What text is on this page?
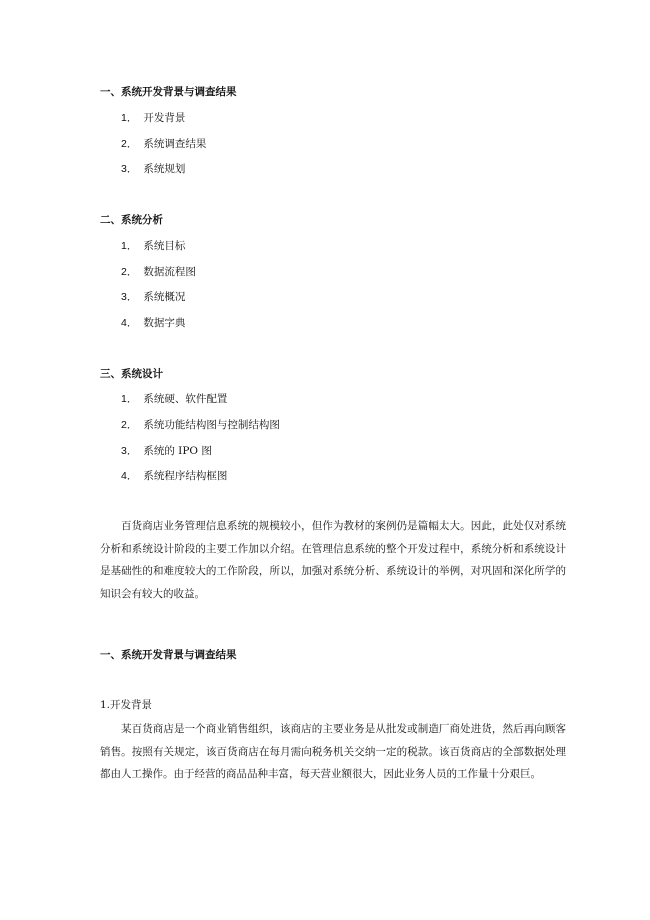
一、系统开发背景与调查结果
1． 开发背景
2． 系统调查结果
3． 系统规划
二、系统分析
1． 系统目标
2． 数据流程图
3． 系统概况
4． 数据字典
三、系统设计
1． 系统硬、软件配置
2． 系统功能结构图与控制结构图
3． 系统的 IPO 图
4． 系统程序结构框图
百货商店业务管理信息系统的规模较小，但作为教材的案例仍是篇幅太大。因此，此处仅对系统分析和系统设计阶段的主要工作加以介绍。在管理信息系统的整个开发过程中，系统分析和系统设计是基础性的和难度较大的工作阶段，所以，加强对系统分析、系统设计的举例，对巩固和深化所学的知识会有较大的收益。
一、系统开发背景与调查结果
1.开发背景
某百货商店是一个商业销售组织，该商店的主要业务是从批发或制造厂商处进货，然后再向顾客销售。按照有关规定，该百货商店在每月需向税务机关交纳一定的税款。该百货商店的全部数据处理都由人工操作。由于经营的商品品种丰富，每天营业额很大，因此业务人员的工作量十分艰巨。
